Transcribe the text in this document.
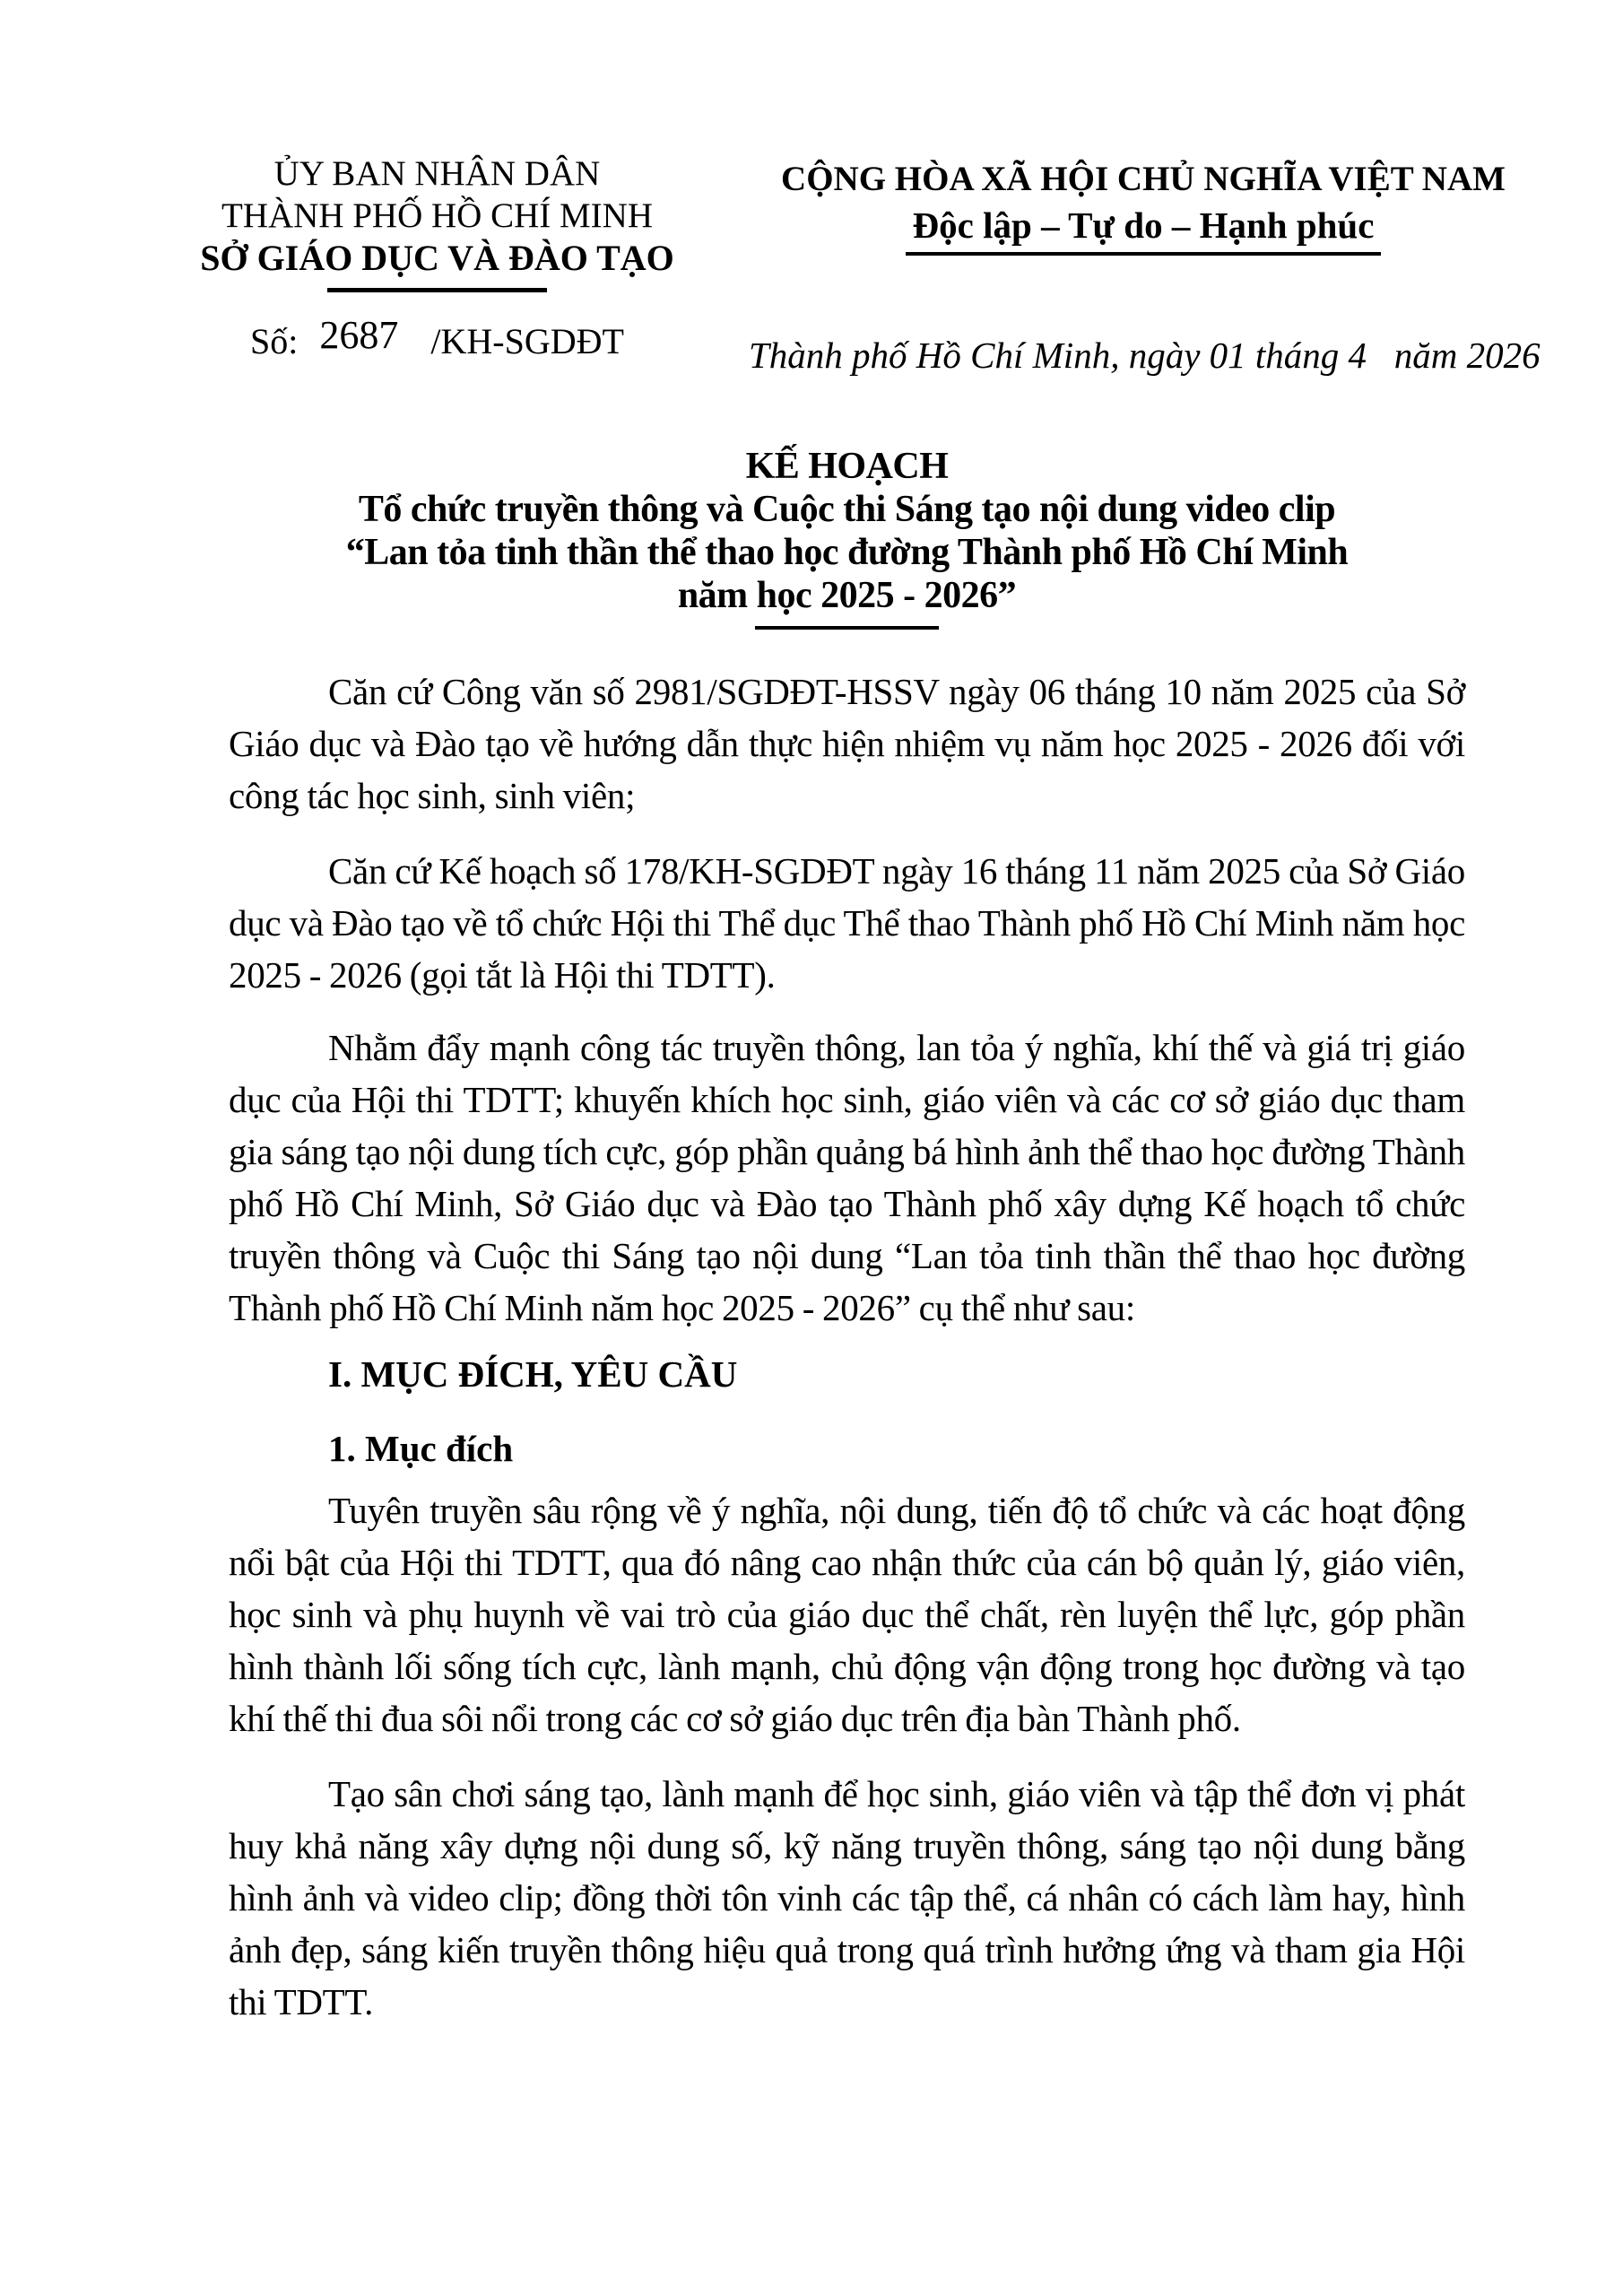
ỦY BAN NHÂN DÂN
THÀNH PHỐ HỒ CHÍ MINH
SỞ GIÁO DỤC VÀ ĐÀO TẠO
Số: 2687 /KH-SGDĐT
CỘNG HÒA XÃ HỘI CHỦ NGHĨA VIỆT NAM
Độc lập – Tự do – Hạnh phúc
Thành phố Hồ Chí Minh, ngày 01 tháng 4   năm 2026
KẾ HOẠCH
Tổ chức truyền thông và Cuộc thi Sáng tạo nội dung video clip
“Lan tỏa tinh thần thể thao học đường Thành phố Hồ Chí Minh
năm học 2025 - 2026”

Căn cứ Công văn số 2981/SGDĐT-HSSV ngày 06 tháng 10 năm 2025 của Sở Giáo dục và Đào tạo về hướng dẫn thực hiện nhiệm vụ năm học 2025 - 2026 đối với công tác học sinh, sinh viên;

Căn cứ Kế hoạch số 178/KH-SGDĐT ngày 16 tháng 11 năm 2025 của Sở Giáo dục và Đào tạo về tổ chức Hội thi Thể dục Thể thao Thành phố Hồ Chí Minh năm học 2025 - 2026 (gọi tắt là Hội thi TDTT).

Nhằm đẩy mạnh công tác truyền thông, lan tỏa ý nghĩa, khí thế và giá trị giáo dục của Hội thi TDTT; khuyến khích học sinh, giáo viên và các cơ sở giáo dục tham gia sáng tạo nội dung tích cực, góp phần quảng bá hình ảnh thể thao học đường Thành phố Hồ Chí Minh, Sở Giáo dục và Đào tạo Thành phố xây dựng Kế hoạch tổ chức truyền thông và Cuộc thi Sáng tạo nội dung “Lan tỏa tinh thần thể thao học đường Thành phố Hồ Chí Minh năm học 2025 - 2026” cụ thể như sau:

I. MỤC ĐÍCH, YÊU CẦU

1. Mục đích

Tuyên truyền sâu rộng về ý nghĩa, nội dung, tiến độ tổ chức và các hoạt động nổi bật của Hội thi TDTT, qua đó nâng cao nhận thức của cán bộ quản lý, giáo viên, học sinh và phụ huynh về vai trò của giáo dục thể chất, rèn luyện thể lực, góp phần hình thành lối sống tích cực, lành mạnh, chủ động vận động trong học đường và tạo khí thế thi đua sôi nổi trong các cơ sở giáo dục trên địa bàn Thành phố.

Tạo sân chơi sáng tạo, lành mạnh để học sinh, giáo viên và tập thể đơn vị phát huy khả năng xây dựng nội dung số, kỹ năng truyền thông, sáng tạo nội dung bằng hình ảnh và video clip; đồng thời tôn vinh các tập thể, cá nhân có cách làm hay, hình ảnh đẹp, sáng kiến truyền thông hiệu quả trong quá trình hưởng ứng và tham gia Hội thi TDTT.
